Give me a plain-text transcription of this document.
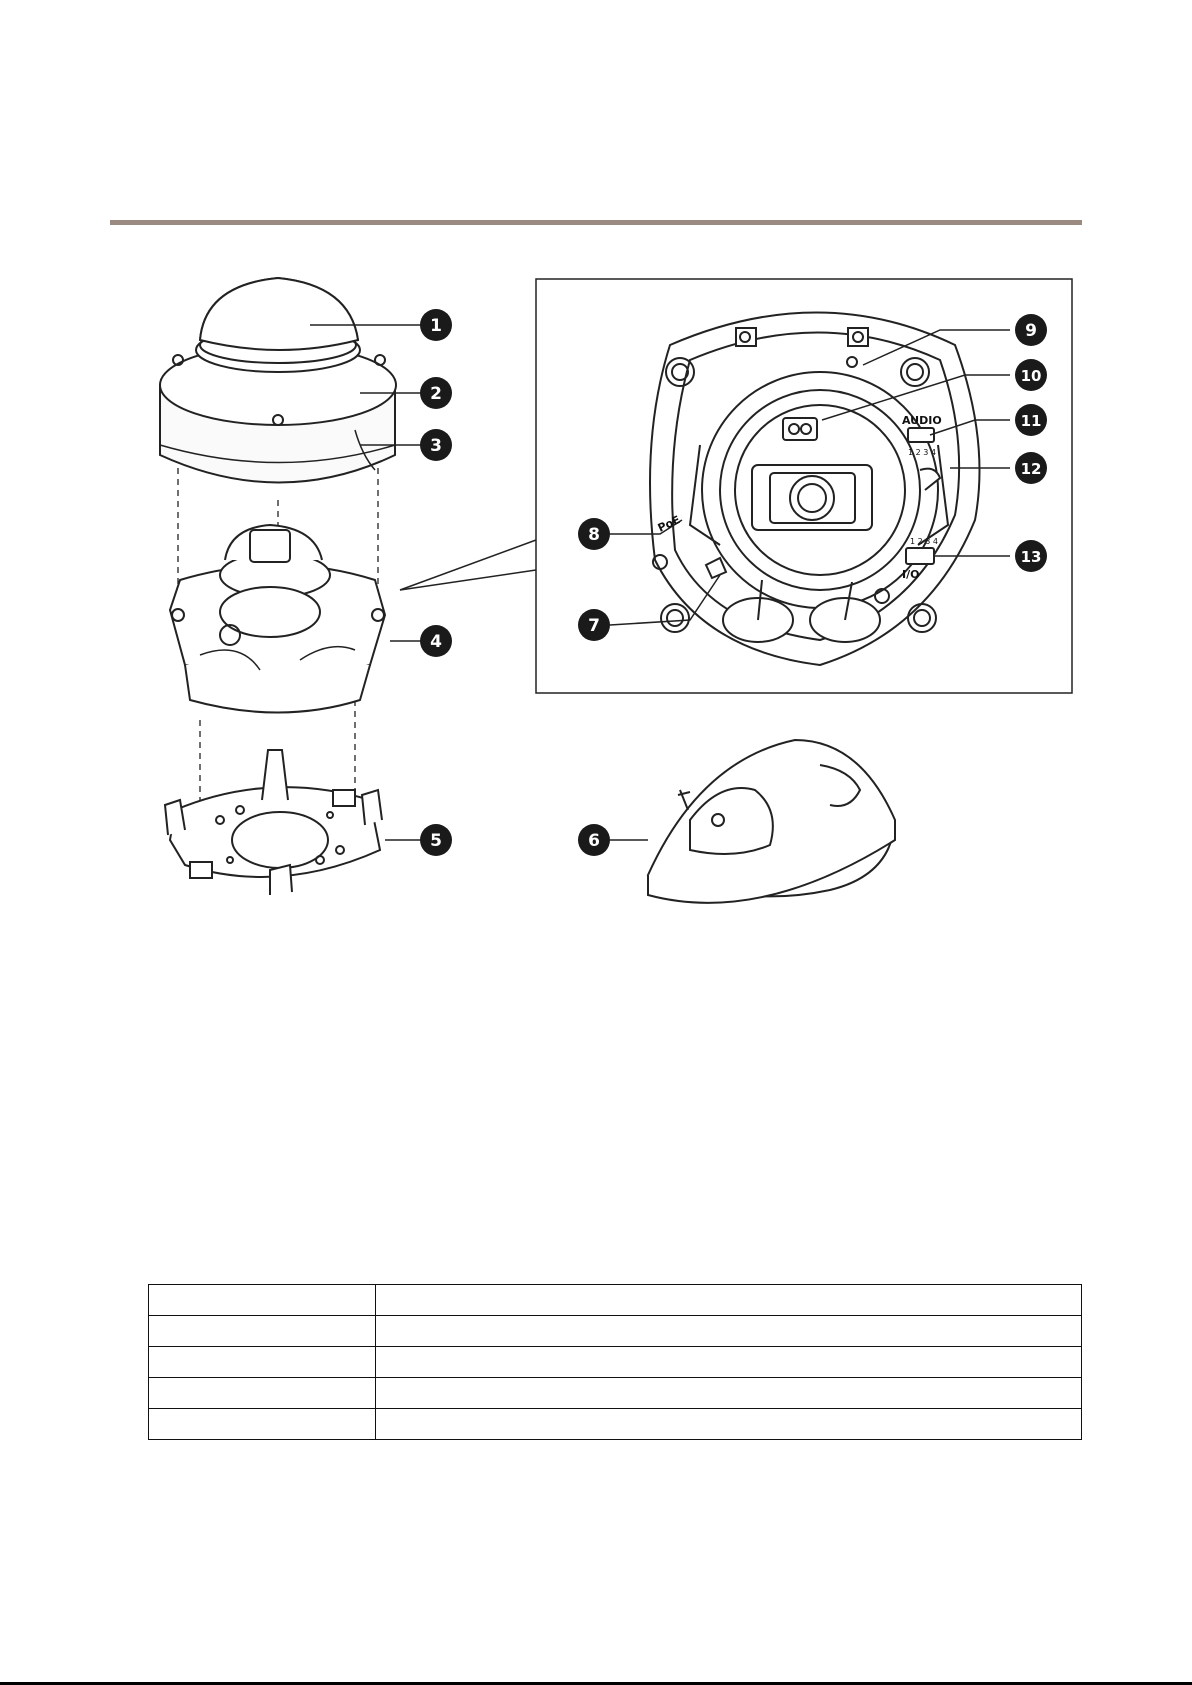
AUDIO
1 2 3 4
I/O
1 2 3 4
PoE
1
2
3
4
5	6
7
8
9
10
11
12
13
